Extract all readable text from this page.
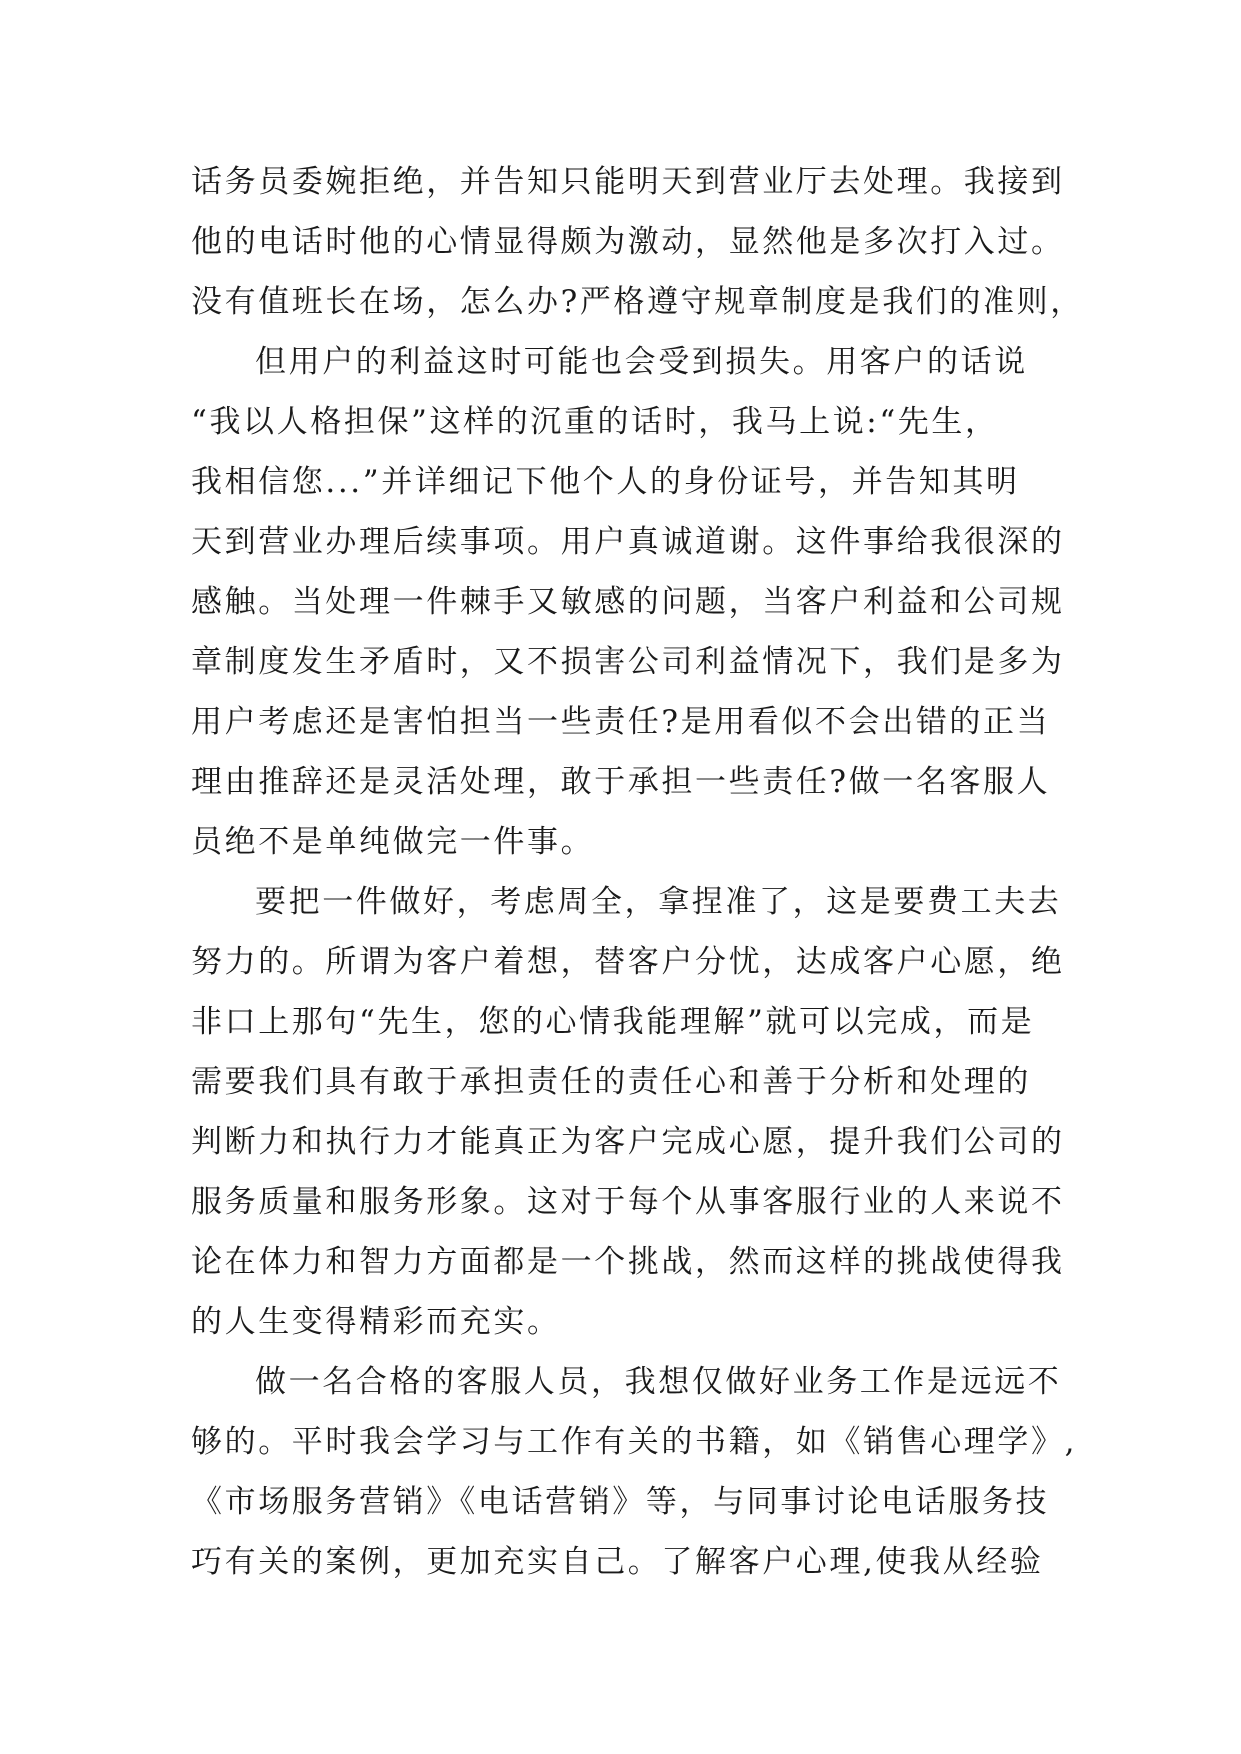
话务员委婉拒绝，并告知只能明天到营业厅去处理。我接到
他的电话时他的心情显得颇为激动，显然他是多次打入过。
没有值班长在场，怎么办?严格遵守规章制度是我们的准则，
但用户的利益这时可能也会受到损失。用客户的话说
“我以人格担保”这样的沉重的话时，我马上说:“先生，
我相信您...”并详细记下他个人的身份证号，并告知其明
天到营业办理后续事项。用户真诚道谢。这件事给我很深的
感触。当处理一件棘手又敏感的问题，当客户利益和公司规
章制度发生矛盾时，又不损害公司利益情况下，我们是多为
用户考虑还是害怕担当一些责任?是用看似不会出错的正当
理由推辞还是灵活处理，敢于承担一些责任?做一名客服人
员绝不是单纯做完一件事。
要把一件做好，考虑周全，拿捏准了，这是要费工夫去
努力的。所谓为客户着想，替客户分忧，达成客户心愿，绝
非口上那句“先生，您的心情我能理解”就可以完成，而是
需要我们具有敢于承担责任的责任心和善于分析和处理的
判断力和执行力才能真正为客户完成心愿，提升我们公司的
服务质量和服务形象。这对于每个从事客服行业的人来说不
论在体力和智力方面都是一个挑战，然而这样的挑战使得我
的人生变得精彩而充实。
做一名合格的客服人员，我想仅做好业务工作是远远不
够的。平时我会学习与工作有关的书籍，如《销售心理学》,
《市场服务营销》《电话营销》等，与同事讨论电话服务技
巧有关的案例，更加充实自己。了解客户心理,使我从经验
